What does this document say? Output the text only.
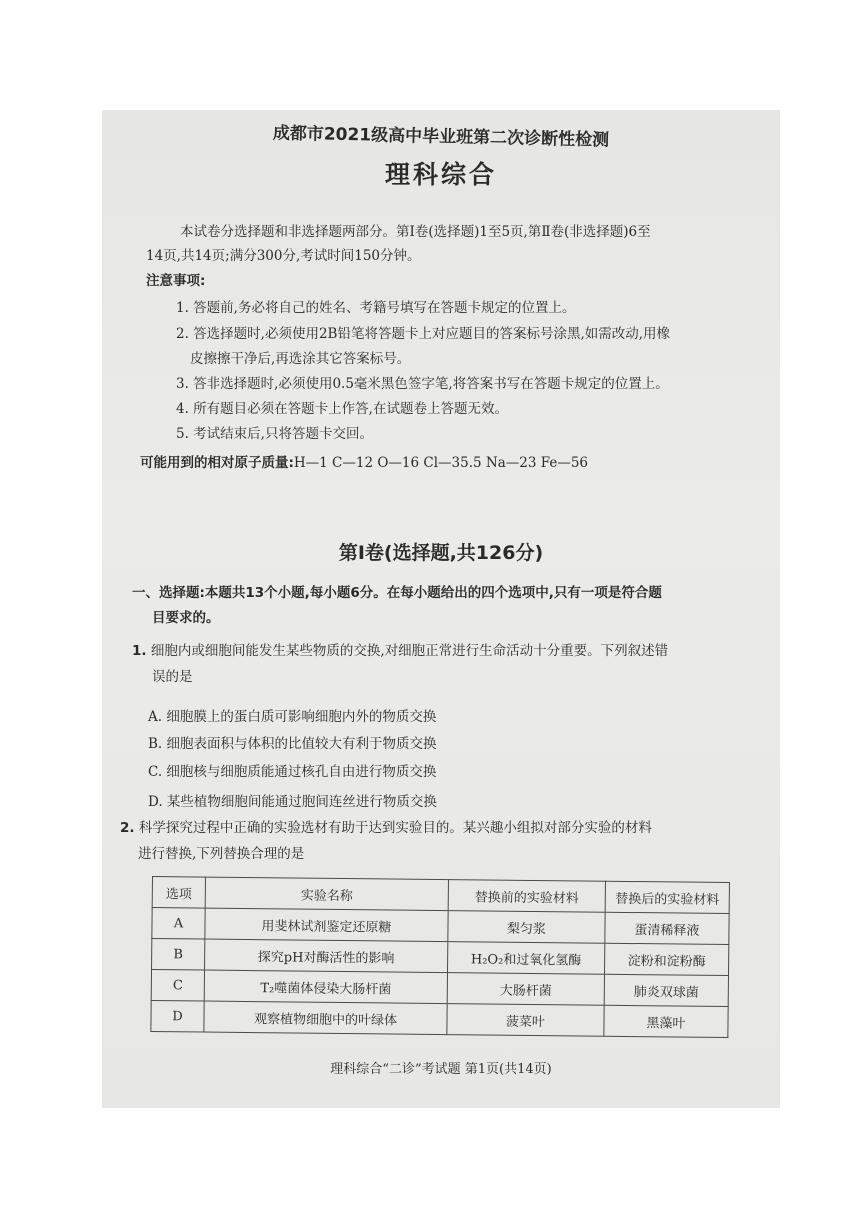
成都市2021级高中毕业班第二次诊断性检测
理科综合
本试卷分选择题和非选择题两部分。第Ⅰ卷(选择题)1至5页,第Ⅱ卷(非选择题)6至
14页,共14页;满分300分,考试时间150分钟。
注意事项:
1. 答题前,务必将自己的姓名、考籍号填写在答题卡规定的位置上。
2. 答选择题时,必须使用2B铅笔将答题卡上对应题目的答案标号涂黑,如需改动,用橡
皮擦擦干净后,再选涂其它答案标号。
3. 答非选择题时,必须使用0.5毫米黑色签字笔,将答案书写在答题卡规定的位置上。
4. 所有题目必须在答题卡上作答,在试题卷上答题无效。
5. 考试结束后,只将答题卡交回。
可能用到的相对原子质量:H—1 C—12 O—16 Cl—35.5 Na—23 Fe—56
第Ⅰ卷(选择题,共126分)
一、选择题:本题共13个小题,每小题6分。在每小题给出的四个选项中,只有一项是符合题
目要求的。
1. 细胞内或细胞间能发生某些物质的交换,对细胞正常进行生命活动十分重要。下列叙述错
误的是
A. 细胞膜上的蛋白质可影响细胞内外的物质交换
B. 细胞表面积与体积的比值较大有利于物质交换
C. 细胞核与细胞质能通过核孔自由进行物质交换
D. 某些植物细胞间能通过胞间连丝进行物质交换
2. 科学探究过程中正确的实验选材有助于达到实验目的。某兴趣小组拟对部分实验的材料
进行替换,下列替换合理的是
选项	实验名称	替换前的实验材料	替换后的实验材料
A	用斐林试剂鉴定还原糖	梨匀浆	蛋清稀释液
B	探究pH对酶活性的影响	H₂O₂和过氧化氢酶	淀粉和淀粉酶
C	T₂噬菌体侵染大肠杆菌	大肠杆菌	肺炎双球菌
D	观察植物细胞中的叶绿体	菠菜叶	黑藻叶
理科综合“二诊”考试题 第1页(共14页)
